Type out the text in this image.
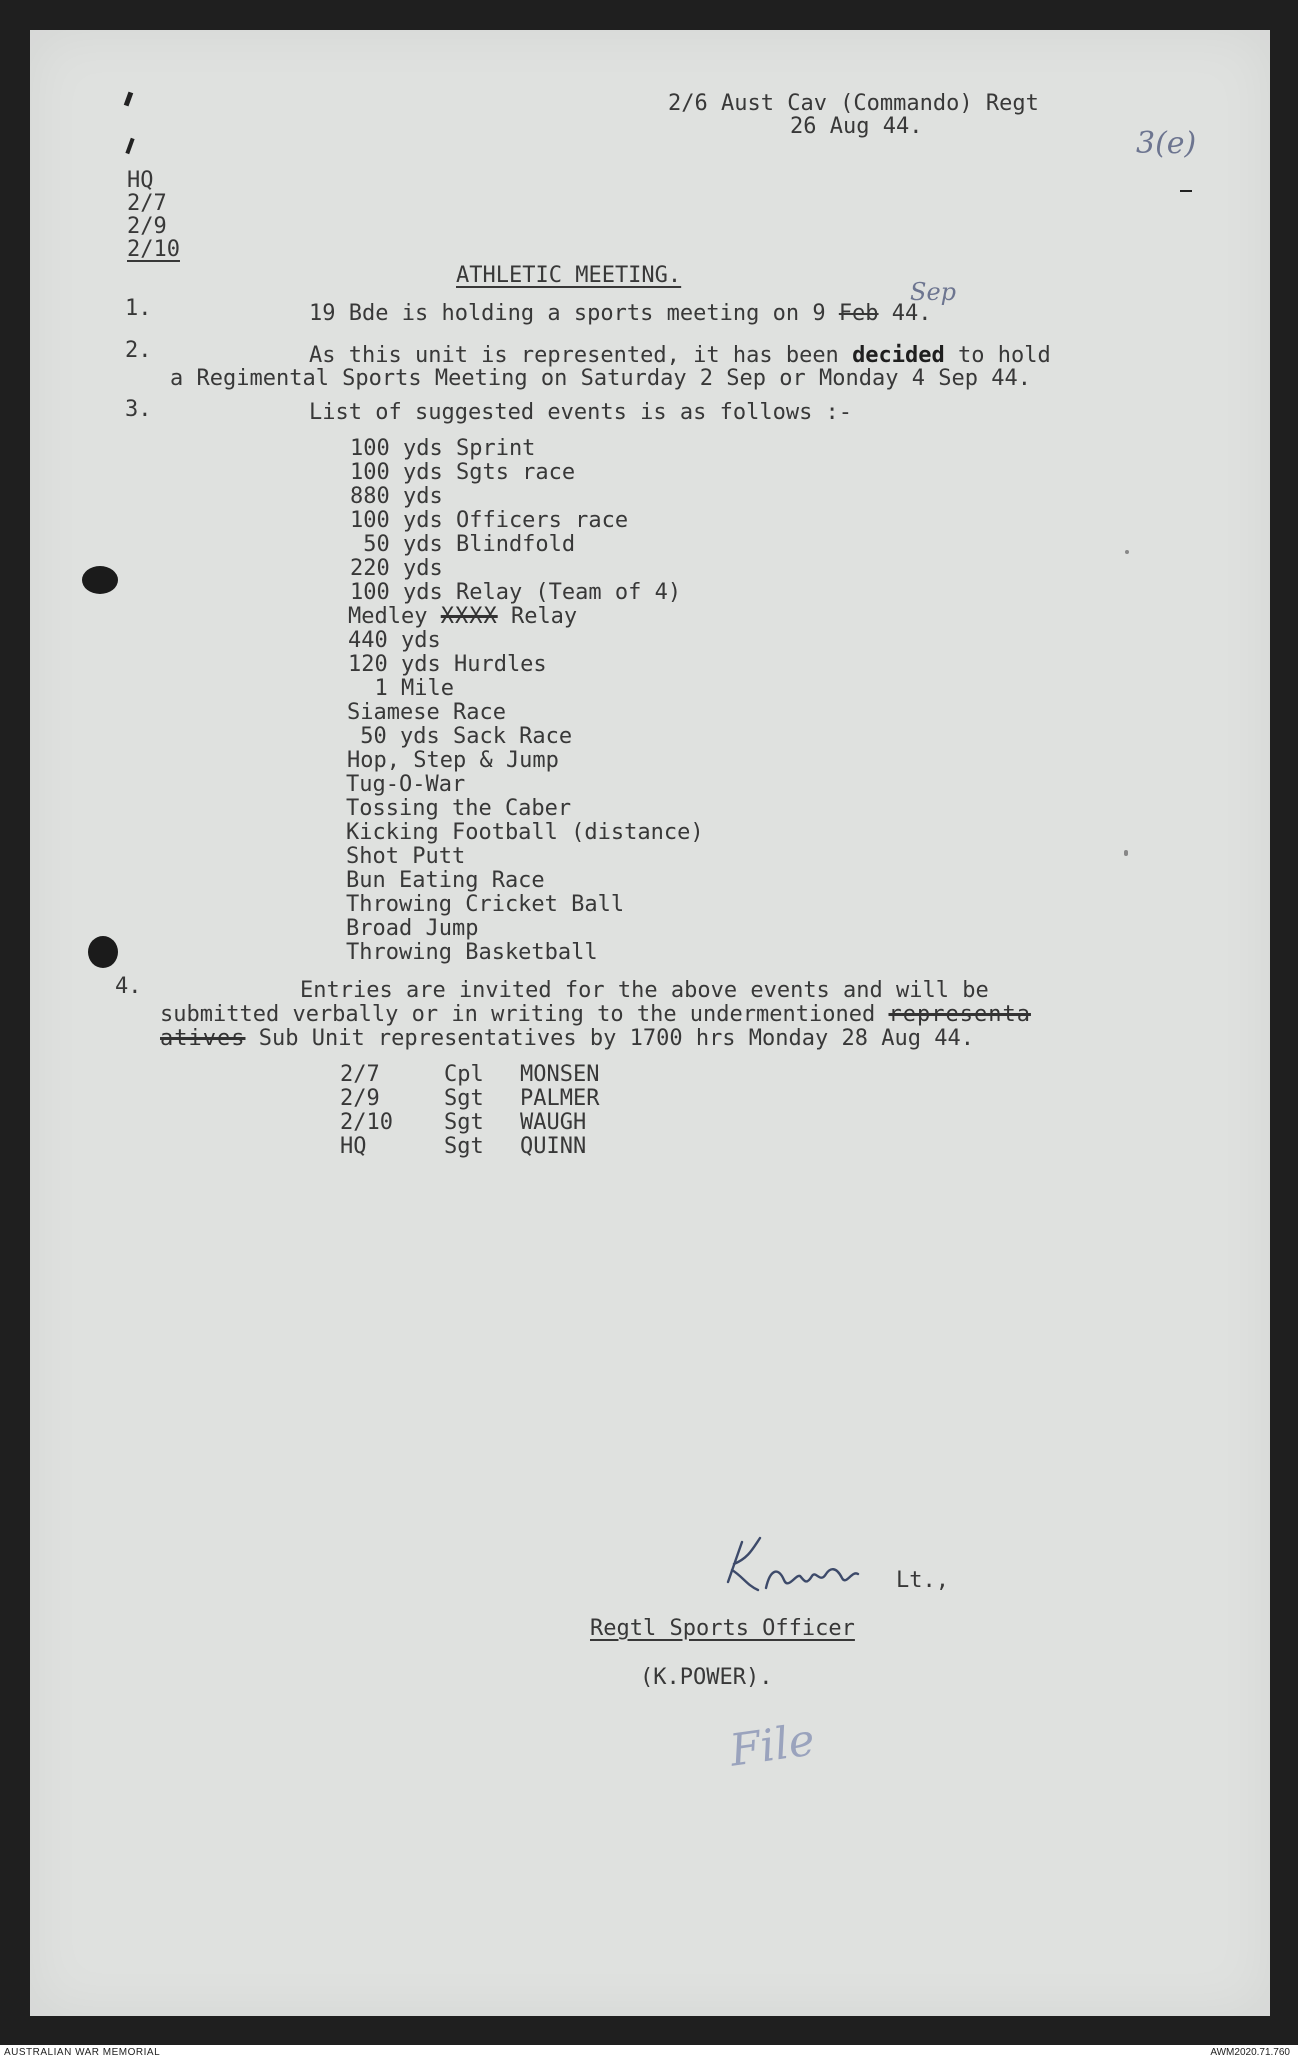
2/6 Aust Cav (Commando) Regt
26 Aug 44.	3(e)
HQ
2/7
2/9
2/10
ATHLETIC MEETING.
1.	19 Bde is holding a sports meeting on 9 Feb 44.
Sep
2.	As this unit is represented, it has been decided to hold
a Regimental Sports Meeting on Saturday 2 Sep or Monday 4 Sep 44.
3.	List of suggested events is as follows :-
100 yds Sprint
100 yds Sgts race
880 yds
100 yds Officers race
50 yds Blindfold
220 yds
100 yds Relay (Team of 4)
Medley XXXX Relay
440 yds
120 yds Hurdles
1 Mile
Siamese Race
50 yds Sack Race
Hop, Step & Jump
Tug-O-War
Tossing the Caber
Kicking Football (distance)
Shot Putt
Bun Eating Race
Throwing Cricket Ball
Broad Jump
Throwing Basketball
4.	Entries are invited for the above events and will be
submitted verbally or in writing to the undermentioned representa
atives Sub Unit representatives by 1700 hrs Monday 28 Aug 44.
2/7	Cpl MONSEN
2/9	Sgt PALMER
2/10 Sgt WAUGH
HQ	Sgt QUINN
Lt.,
Regtl Sports Officer
(K.POWER).
File
AUSTRALIAN WAR MEMORIAL	AWM2020.71.760
